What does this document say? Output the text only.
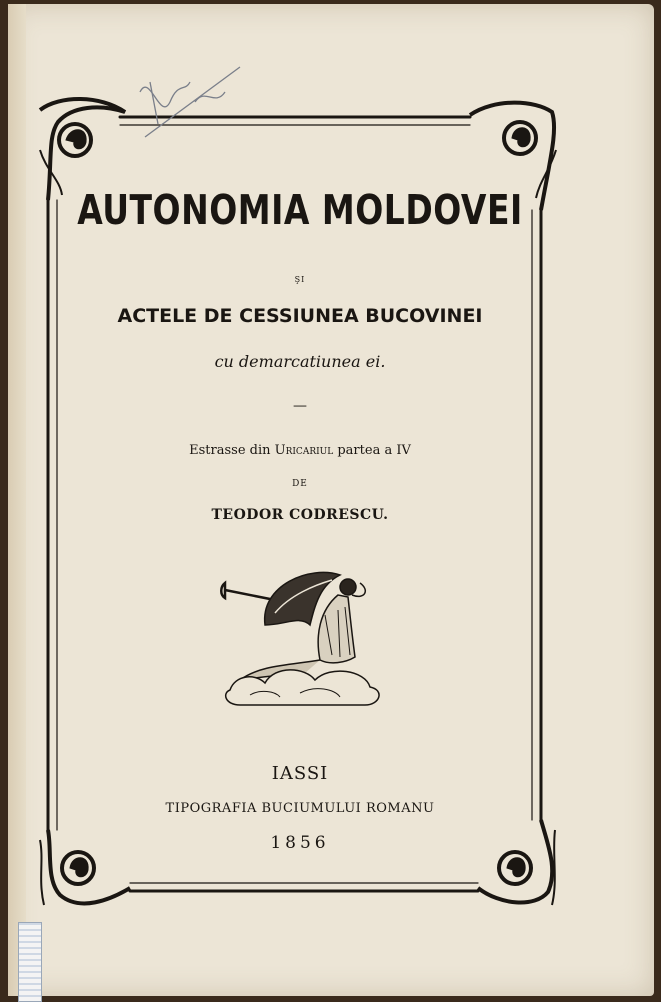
AUTONOMIA MOLDOVEI
ŞI
ACTELE DE CESSIUNEA BUCOVINEI
cu demarcatiunea ei.
—
Estrasse din Uricariul partea a IV
DE
TEODOR CODRESCU.
IASSI
TIPOGRAFIA BUCIUMULUI ROMANU
1856
